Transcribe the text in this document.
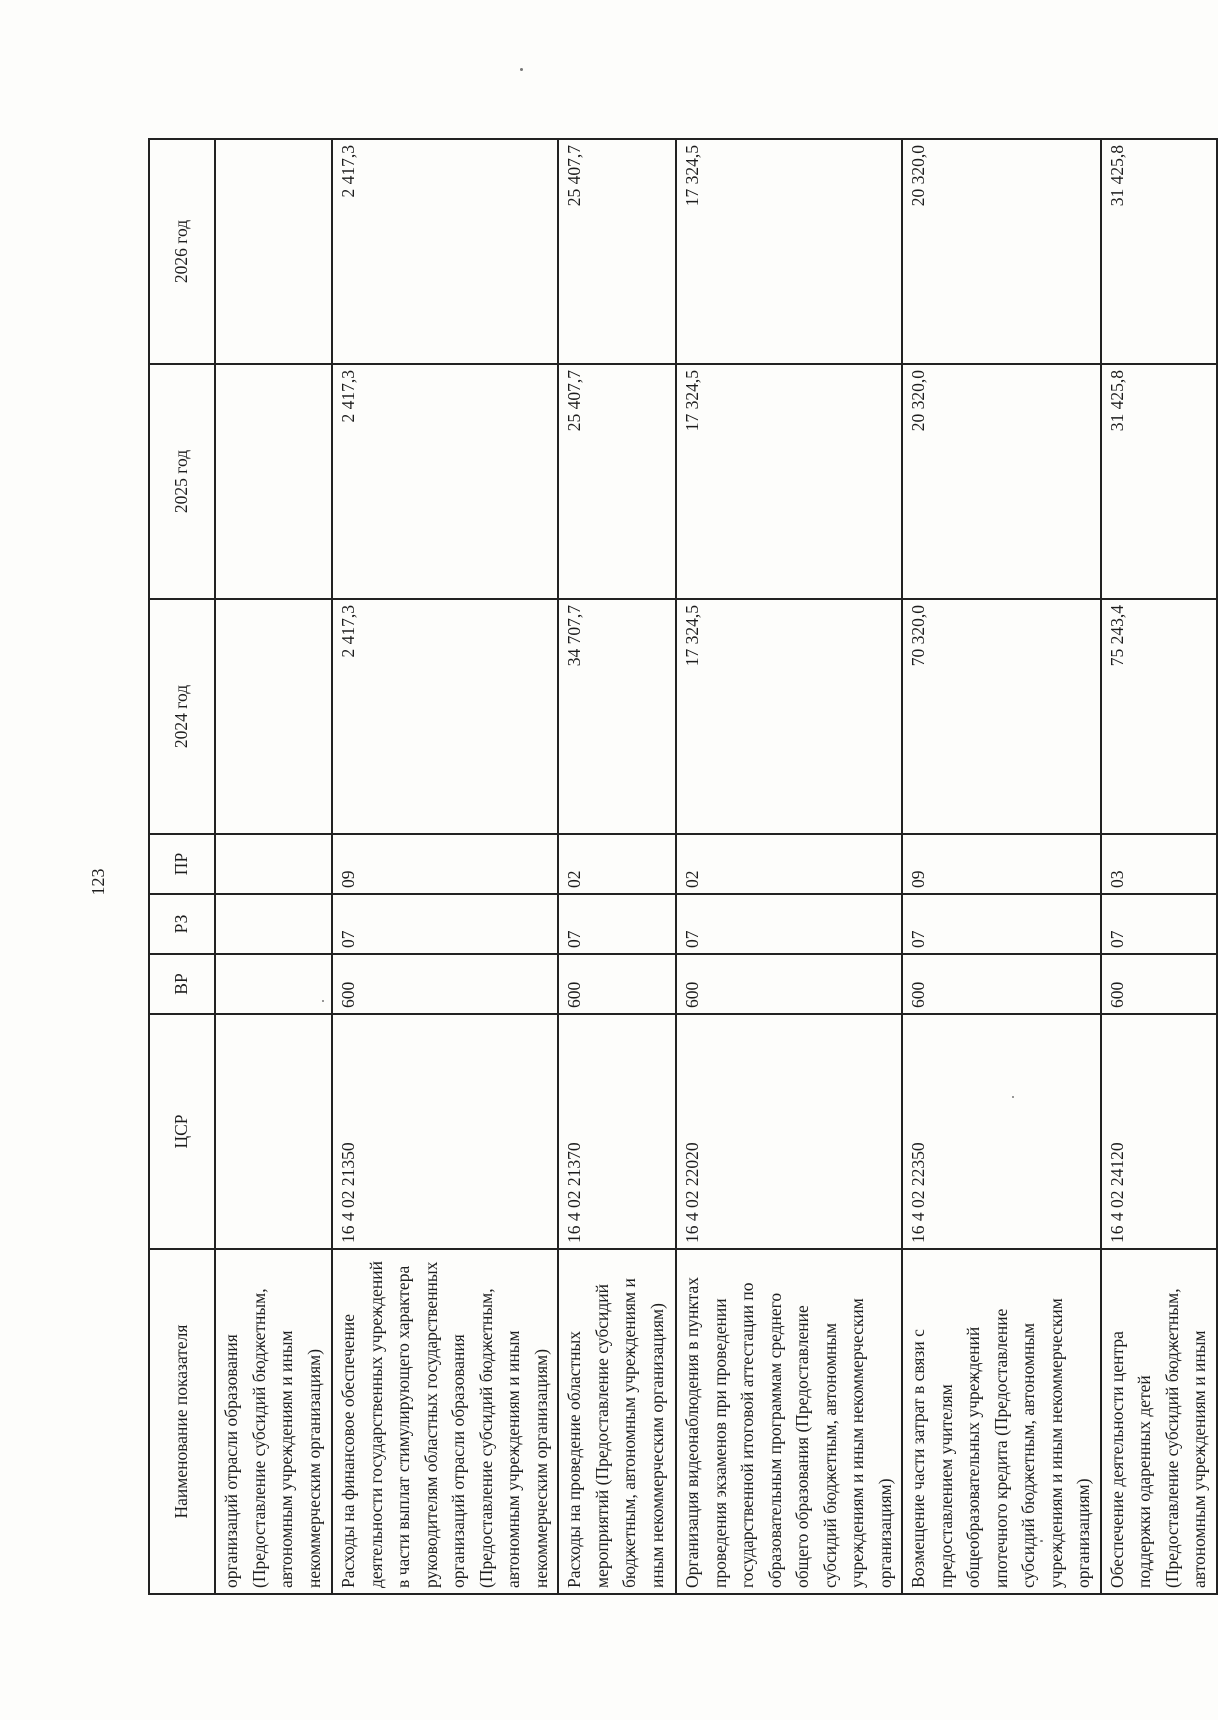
123
Наименование показателя	ЦСР	ВР	РЗ	ПР	2024 год	2025 год	2026 год
организаций отрасли образования (Предоставление субсидий бюджетным, автономным учреждениям и иным некоммерческим организациям)							
Расходы на финансовое обеспечение деятельности государственных учреждений в части выплат стимулирующего характера руководителям областных государственных организаций отрасли образования (Предоставление субсидий бюджетным, автономным учреждениям и иным некоммерческим организациям)	16 4 02 21350	600	07	09	2 417,3	2 417,3	2 417,3
Расходы на проведение областных мероприятий (Предоставление субсидий бюджетным, автономным учреждениям и иным некоммерческим организациям)	16 4 02 21370	600	07	02	34 707,7	25 407,7	25 407,7
Организация видеонаблюдения в пунктах проведения экзаменов при проведении государственной итоговой аттестации по образовательным программам среднего общего образования (Предоставление субсидий бюджетным, автономным учреждениям и иным некоммерческим организациям)	16 4 02 22020	600	07	02	17 324,5	17 324,5	17 324,5
Возмещение части затрат в связи с предоставлением учителям общеобразовательных учреждений ипотечного кредита (Предоставление субсидий бюджетным, автономным учреждениям и иным некоммерческим организациям)	16 4 02 22350	600	07	09	70 320,0	20 320,0	20 320,0
Обеспечение деятельности центра поддержки одаренных детей (Предоставление субсидий бюджетным, автономным учреждениям и иным	16 4 02 24120	600	07	03	75 243,4	31 425,8	31 425,8
